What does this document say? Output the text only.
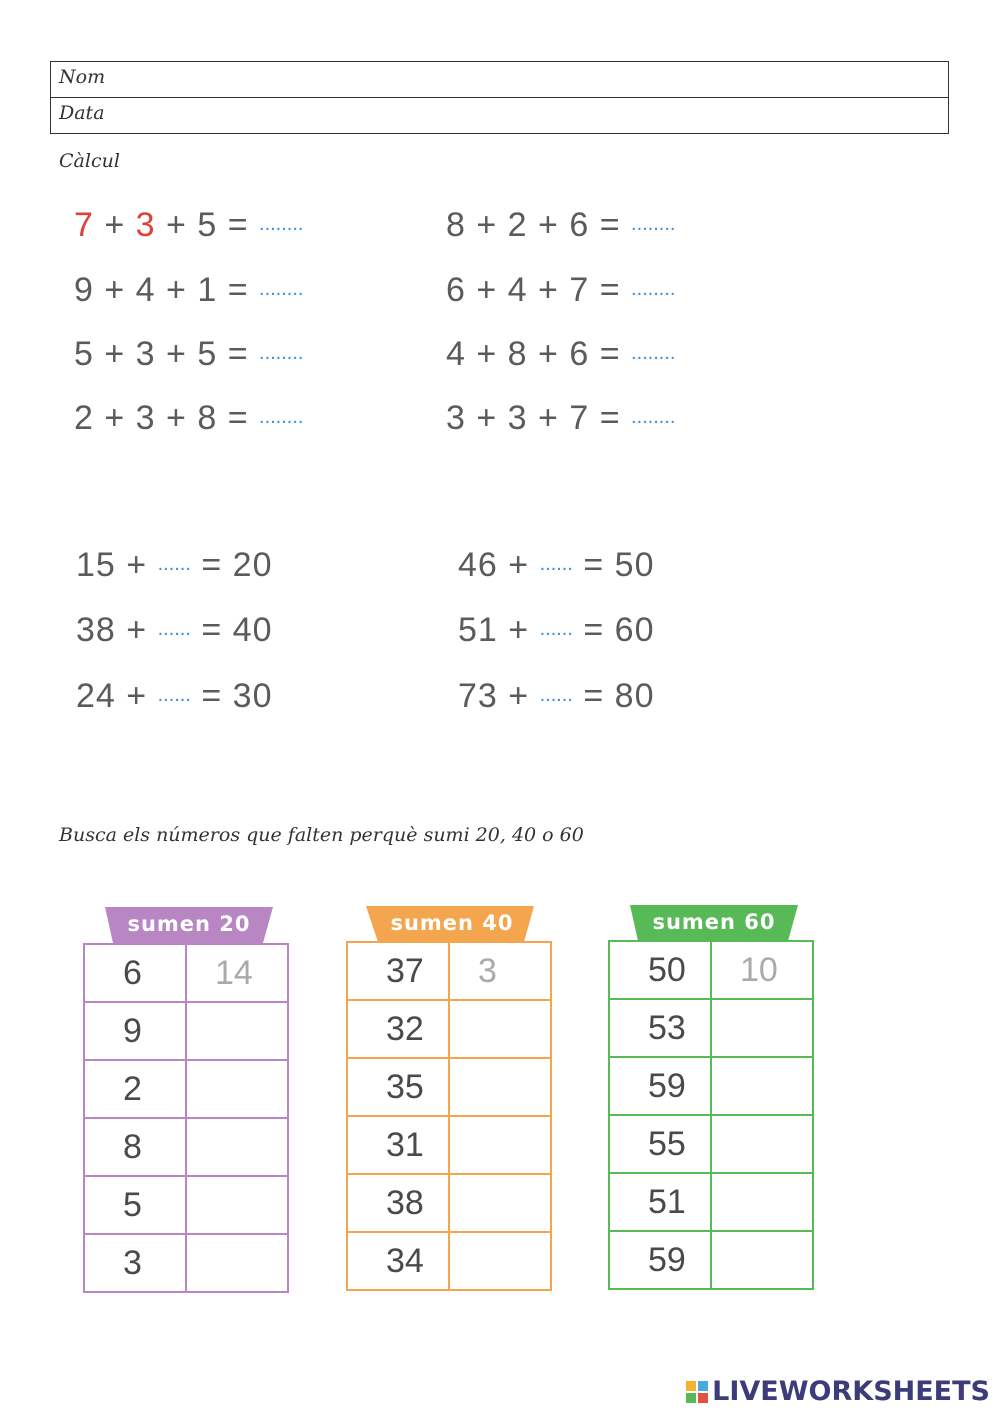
Nom
Data
Càlcul
7 + 3 + 5 = ........
9 + 4 + 1 = ........
5 + 3 + 5 = ........
2 + 3 + 8 = ........
8 + 2 + 6 = ........
6 + 4 + 7 = ........
4 + 8 + 6 = ........
3 + 3 + 7 = ........
15 + ...... = 20
38 + ...... = 40
24 + ...... = 30
46 + ...... = 50
51 + ...... = 60
73 + ...... = 80
Busca els números que falten perquè sumi 20, 40 o 60
sumen 20
6	14
9	
2	
8	
5	
3	
sumen 40
37	3
32	
35	
31	
38	
34	
sumen 60
50	10
53	
59	
55	
51	
59	
LIVEWORKSHEETS
